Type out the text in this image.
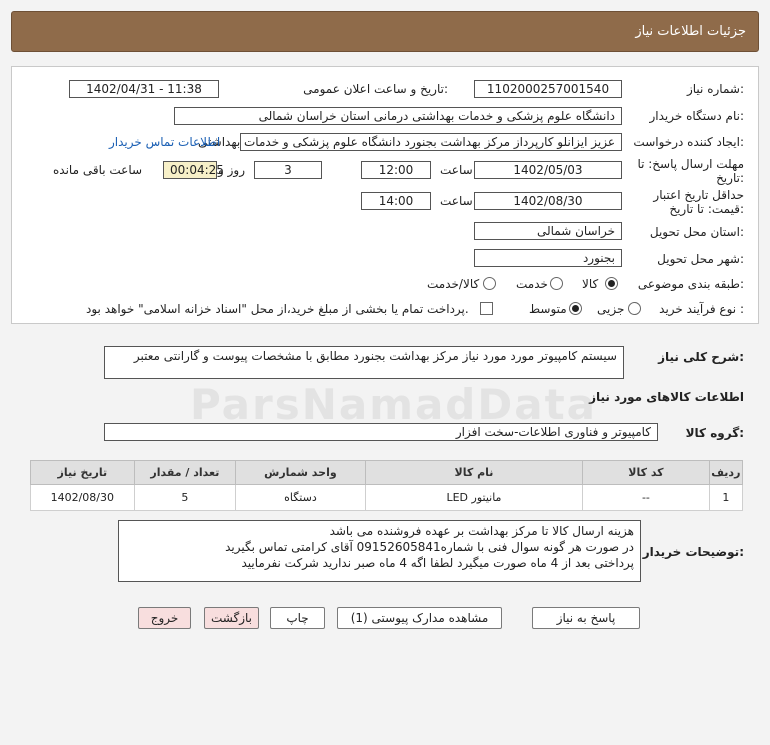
جزئیات اطلاعات نیاز
شماره نیاز:
1102000257001540
تاریخ و ساعت اعلان عمومی:
1402/04/31 - 11:38
نام دستگاه خریدار:
دانشگاه علوم پزشکی و خدمات بهداشتی درمانی استان خراسان شمالی
ایجاد کننده درخواست:
عزیز ایزانلو کارپرداز مرکز بهداشت بجنورد دانشگاه علوم پزشکی و خدمات بهداشتی
اطلاعات تماس خریدار
مهلت ارسال پاسخ: تا
تاریخ:
1402/05/03
ساعت
12:00
3
روز و
00:04:25
ساعت باقی مانده
حداقل تاریخ اعتبار
قیمت: تا تاریخ:
1402/08/30
ساعت
14:00
استان محل تحویل:
خراسان شمالی
شهر محل تحویل:
بجنورد
طبقه بندی موضوعی:
کالا
خدمت
کالا/خدمت
نوع فرآیند خرید :
جزیی
متوسط
پرداخت تمام یا بخشی از مبلغ خرید،از محل "اسناد خزانه اسلامی" خواهد بود.
شرح کلی نیاز:
سیستم کامپیوتر مورد مورد نیاز مرکز بهداشت بجنورد مطابق با مشخصات پیوست و گارانتی معتبر
اطلاعات کالاهای مورد نیاز
گروه کالا:
کامپیوتر و فناوری اطلاعات-سخت افزار
ParsNamadData
ردیف	کد کالا	نام کالا	واحد شمارش	تعداد / مقدار	تاریخ نیاز
1	--	مانیتور LED	دستگاه	5	1402/08/30
توضیحات خریدار:
هزینه ارسال کالا تا مرکز بهداشت بر عهده فروشنده می باشد
در صورت هر گونه سوال فنی با شماره09152605841 آقای کرامتی تماس بگیرید
پرداختی بعد از 4 ماه صورت میگیرد لطفا اگه 4 ماه صبر ندارید شرکت نفرمایید
پاسخ به نیاز
مشاهده مدارک پیوستی (1)
چاپ
بازگشت
خروج
